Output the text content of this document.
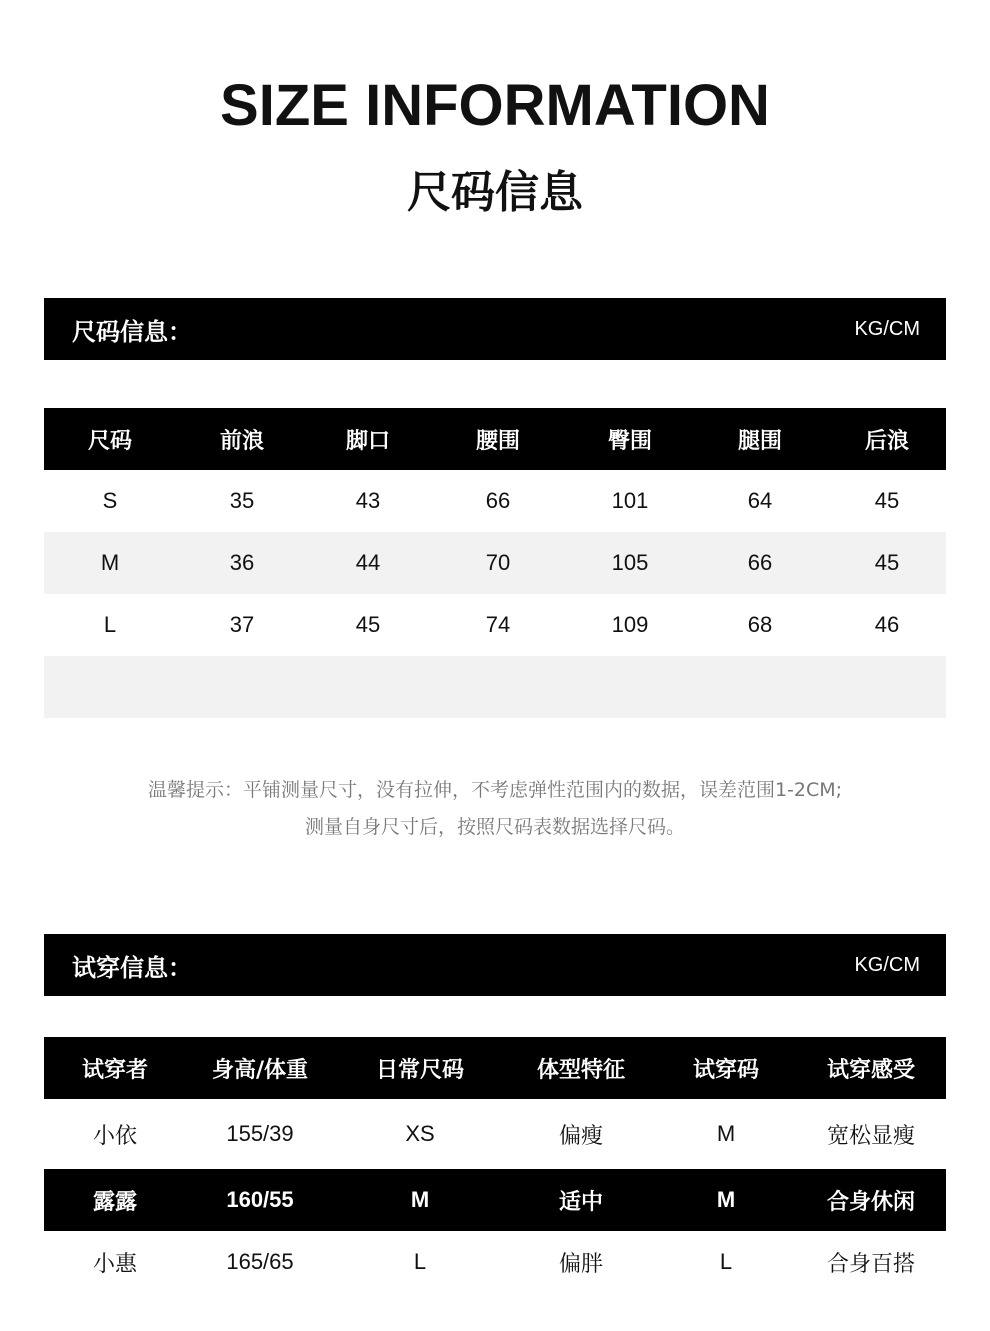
SIZE INFORMATION
尺码信息
尺码信息：	KG/CM
尺码	前浪	脚口	腰围	臀围	腿围	后浪
S	35	43	66	101	64	45
M	36	44	70	105	66	45
L	37	45	74	109	68	46
温馨提示：平铺测量尺寸，没有拉伸，不考虑弹性范围内的数据，误差范围1-2CM;
测量自身尺寸后，按照尺码表数据选择尺码。
试穿信息：	KG/CM
试穿者	身高/体重	日常尺码	体型特征	试穿码	试穿感受
小依	155/39	XS	偏瘦	M	宽松显瘦
露露	160/55	M	适中	M	合身休闲
小惠	165/65	L	偏胖	L	合身百搭
